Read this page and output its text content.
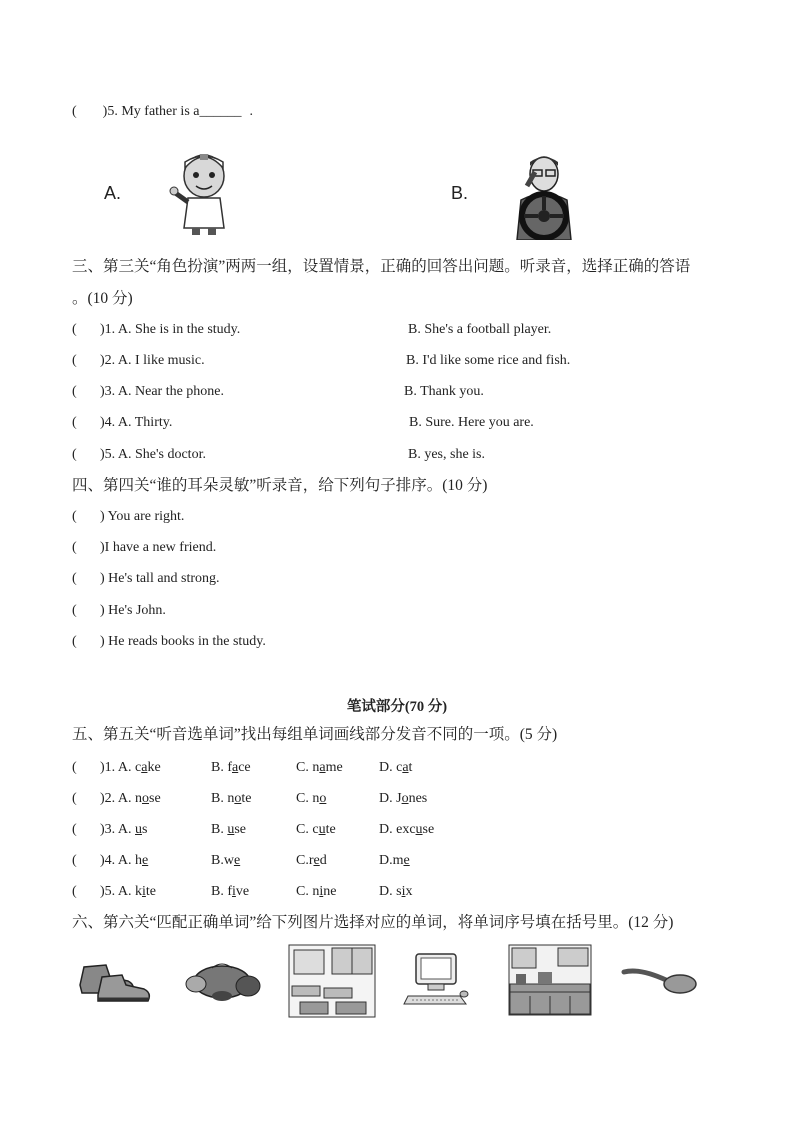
( )5. My father is a______ .
A.	B.
三、第三关“角色扮演”两两一组，设置情景，正确的回答出问题。听录音，选择正确的答语
。(10 分)
( )1. A. She is in the study.	B. She's a football player.
( )2. A. I like music.	B. I'd like some rice and fish.
( )3. A. Near the phone.	B. Thank you.
( )4. A. Thirty.	B. Sure. Here you are.
( )5. A. She's doctor.	B. yes, she is.
四、第四关“谁的耳朵灵敏”听录音，给下列句子排序。(10 分)
( ) You are right.
( )I have a new friend.
( ) He's tall and strong.
( ) He's John.
( ) He reads books in the study.
笔试部分(70 分)
五、第五关“听音选单词”找出每组单词画线部分发音不同的一项。(5 分)
( )1. A. cake	B. face	C. name	D. cat
( )2. A. nose	B. note	C. no	D. Jones
( )3. A. us	B. use	C. cute	D. excuse
( )4. A. he	B.we	C.red	D.me
( )5. A. kite	B. five	C. nine	D. six
六、第六关“匹配正确单词”给下列图片选择对应的单词，将单词序号填在括号里。(12 分)
